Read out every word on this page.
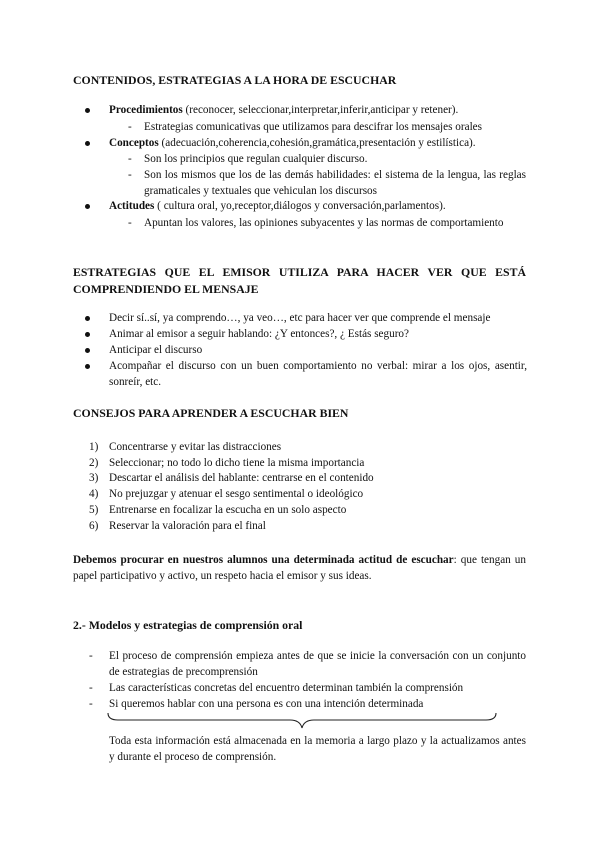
CONTENIDOS, ESTRATEGIAS A LA HORA DE ESCUCHAR
Procedimientos (reconocer, seleccionar,interpretar,inferir,anticipar y retener).
- Estrategias comunicativas que utilizamos para descifrar los mensajes orales
Conceptos (adecuación,coherencia,cohesión,gramática,presentación y estilística).
- Son los principios que regulan cualquier discurso.
- Son los mismos que los de las demás habilidades: el sistema de la lengua, las reglas gramaticales y textuales que vehiculan los discursos
Actitudes ( cultura oral, yo,receptor,diálogos y conversación,parlamentos).
- Apuntan los valores, las opiniones subyacentes y las normas de comportamiento
ESTRATEGIAS QUE EL EMISOR UTILIZA PARA HACER VER QUE ESTÁ
COMPRENDIENDO EL MENSAJE
Decir sí..sí, ya comprendo…, ya veo…, etc para hacer ver que comprende el mensaje
Animar al emisor a seguir hablando: ¿Y entonces?, ¿ Estás seguro?
Anticipar el discurso
Acompañar el discurso con un buen comportamiento no verbal: mirar a los ojos, asentir, sonreír, etc.
CONSEJOS PARA APRENDER A ESCUCHAR BIEN
1) Concentrarse y evitar las distracciones
2) Seleccionar; no todo lo dicho tiene la misma importancia
3) Descartar el análisis del hablante: centrarse en el contenido
4) No prejuzgar y atenuar el sesgo sentimental o ideológico
5) Entrenarse en focalizar la escucha en un solo aspecto
6) Reservar la valoración para el final

Debemos procurar en nuestros alumnos una determinada actitud de escuchar: que tengan un papel participativo y activo, un respeto hacia el emisor y sus ideas.

2.- Modelos y estrategias de comprensión oral
- El proceso de comprensión empieza antes de que se inicie la conversación con un conjunto de estrategias de precomprensión
- Las características concretas del encuentro determinan también la comprensión
- Si queremos hablar con una persona es con una intención determinada

Toda esta información está almacenada en la memoria a largo plazo y la actualizamos antes y durante el proceso de comprensión.
